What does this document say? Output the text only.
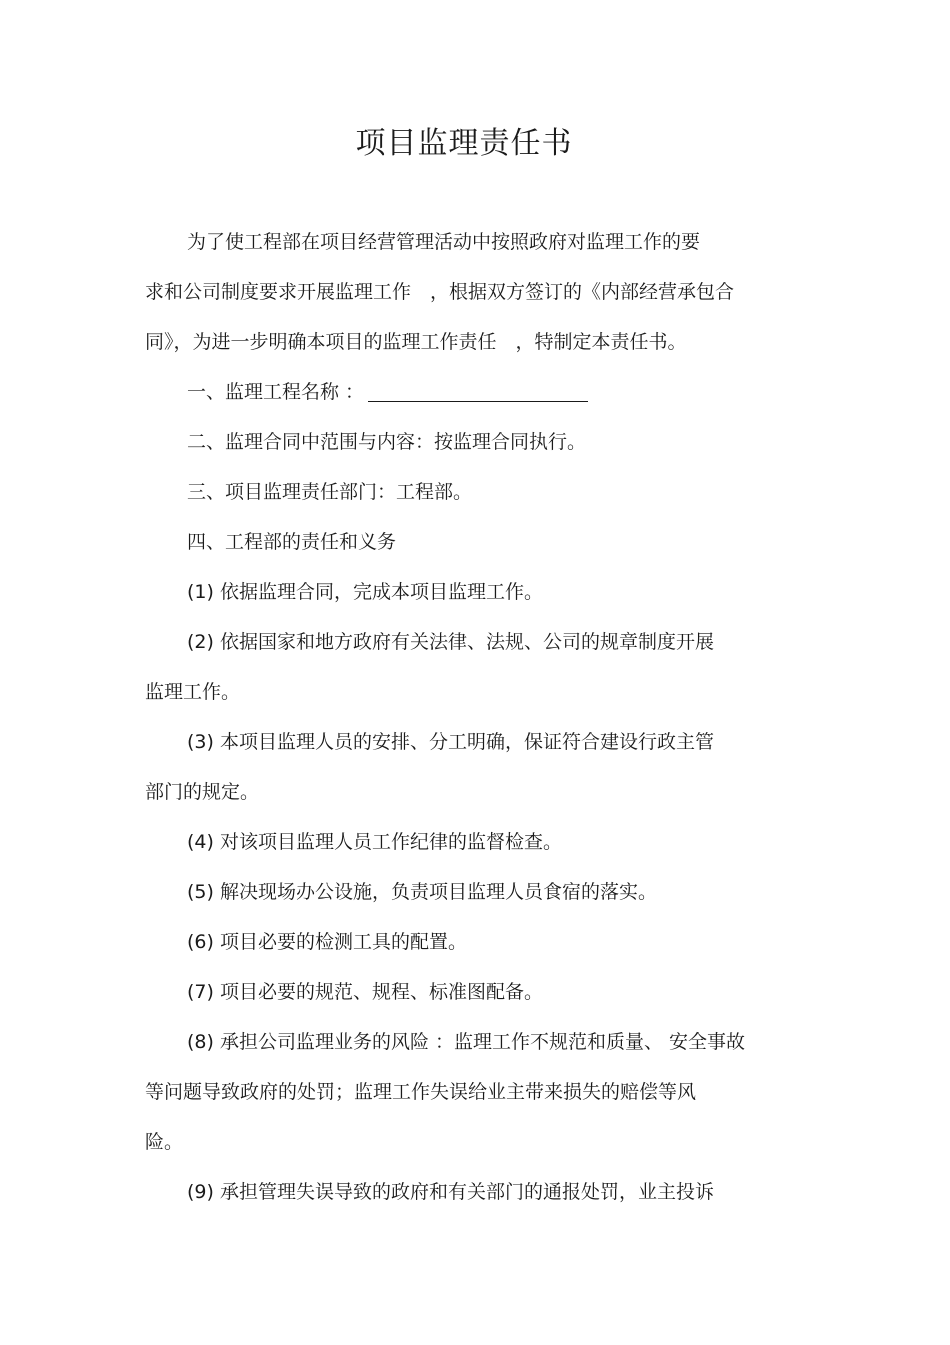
项目监理责任书
为了使工程部在项目经营管理活动中按照政府对监理工作的要
求和公司制度要求开展监理工作　，根据双方签订的《内部经营承包合
同》，为进一步明确本项目的监理工作责任　，特制定本责任书。
一、监理工程名称 ：
二、监理合同中范围与内容：按监理合同执行。
三、项目监理责任部门：工程部。
四、工程部的责任和义务
(1) 依据监理合同，完成本项目监理工作。
(2) 依据国家和地方政府有关法律、法规、公司的规章制度开展
监理工作。
(3) 本项目监理人员的安排、分工明确，保证符合建设行政主管
部门的规定。
(4) 对该项目监理人员工作纪律的监督检查。
(5) 解决现场办公设施，负责项目监理人员食宿的落实。
(6) 项目必要的检测工具的配置。
(7) 项目必要的规范、规程、标准图配备。
(8) 承担公司监理业务的风险 ：监理工作不规范和质量、 安全事故
等问题导致政府的处罚；监理工作失误给业主带来损失的赔偿等风
险。
(9) 承担管理失误导致的政府和有关部门的通报处罚，业主投诉
